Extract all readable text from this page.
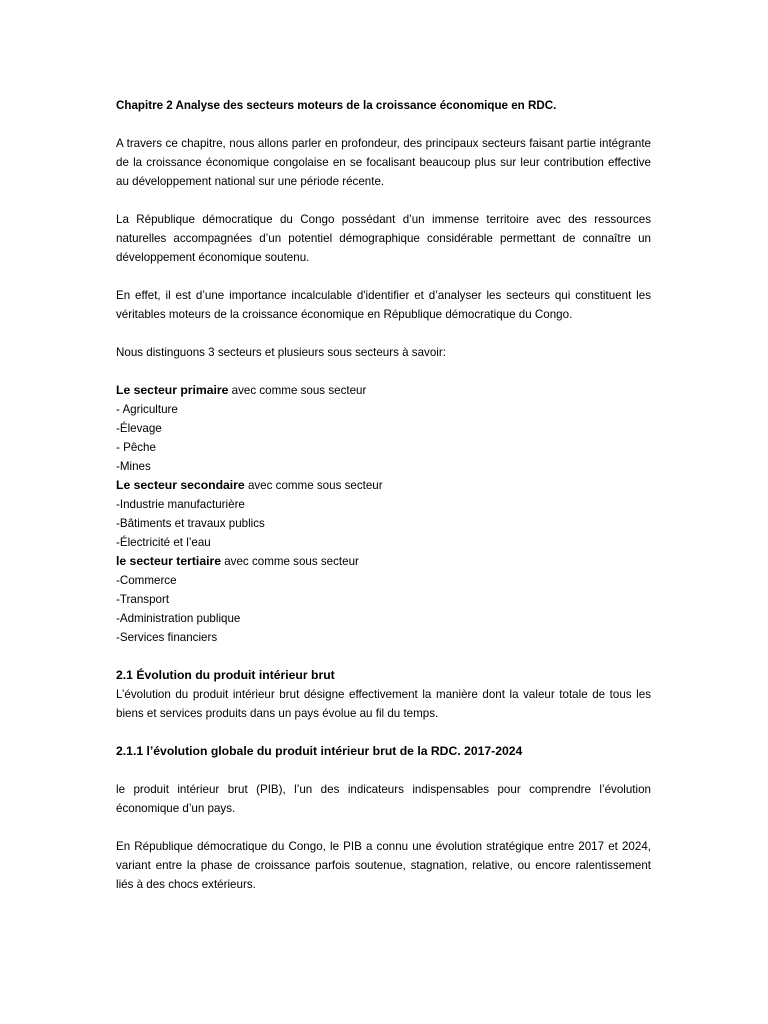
Chapitre 2 Analyse des secteurs moteurs de la croissance économique en RDC.

A travers ce chapitre, nous allons parler en profondeur, des principaux secteurs faisant partie intégrante de la croissance économique congolaise en se focalisant beaucoup plus sur leur contribution effective au développement national sur une période récente.

La République démocratique du Congo possédant d’un immense territoire avec des ressources naturelles accompagnées d’un potentiel démographique considérable permettant de connaître un développement économique soutenu.

En effet, il est d’une importance incalculable d'identifier et d’analyser les secteurs qui constituent les véritables moteurs de la croissance économique en République démocratique du Congo.

Nous distinguons 3 secteurs et plusieurs sous secteurs à savoir:

Le secteur primaire avec comme sous secteur
- Agriculture
-Élevage
- Pêche
-Mines
Le secteur secondaire avec comme sous secteur
-Industrie manufacturière
-Bâtiments et travaux publics
-Électricité et l’eau
le secteur tertiaire avec comme sous secteur
-Commerce
-Transport
-Administration publique
-Services financiers
2.1 Évolution du produit intérieur brut

L’évolution du produit intérieur brut désigne effectivement la manière dont la valeur totale de tous les biens et services produits dans un pays évolue au fil du temps.

2.1.1 l’évolution globale du produit intérieur brut de la RDC. 2017-2024

le produit intérieur brut (PIB), l’un des indicateurs indispensables pour comprendre l’évolution économique d’un pays.

En République démocratique du Congo, le PIB a connu une évolution stratégique entre 2017 et 2024, variant entre la phase de croissance parfois soutenue, stagnation, relative, ou encore ralentissement liés à des chocs extérieurs.
